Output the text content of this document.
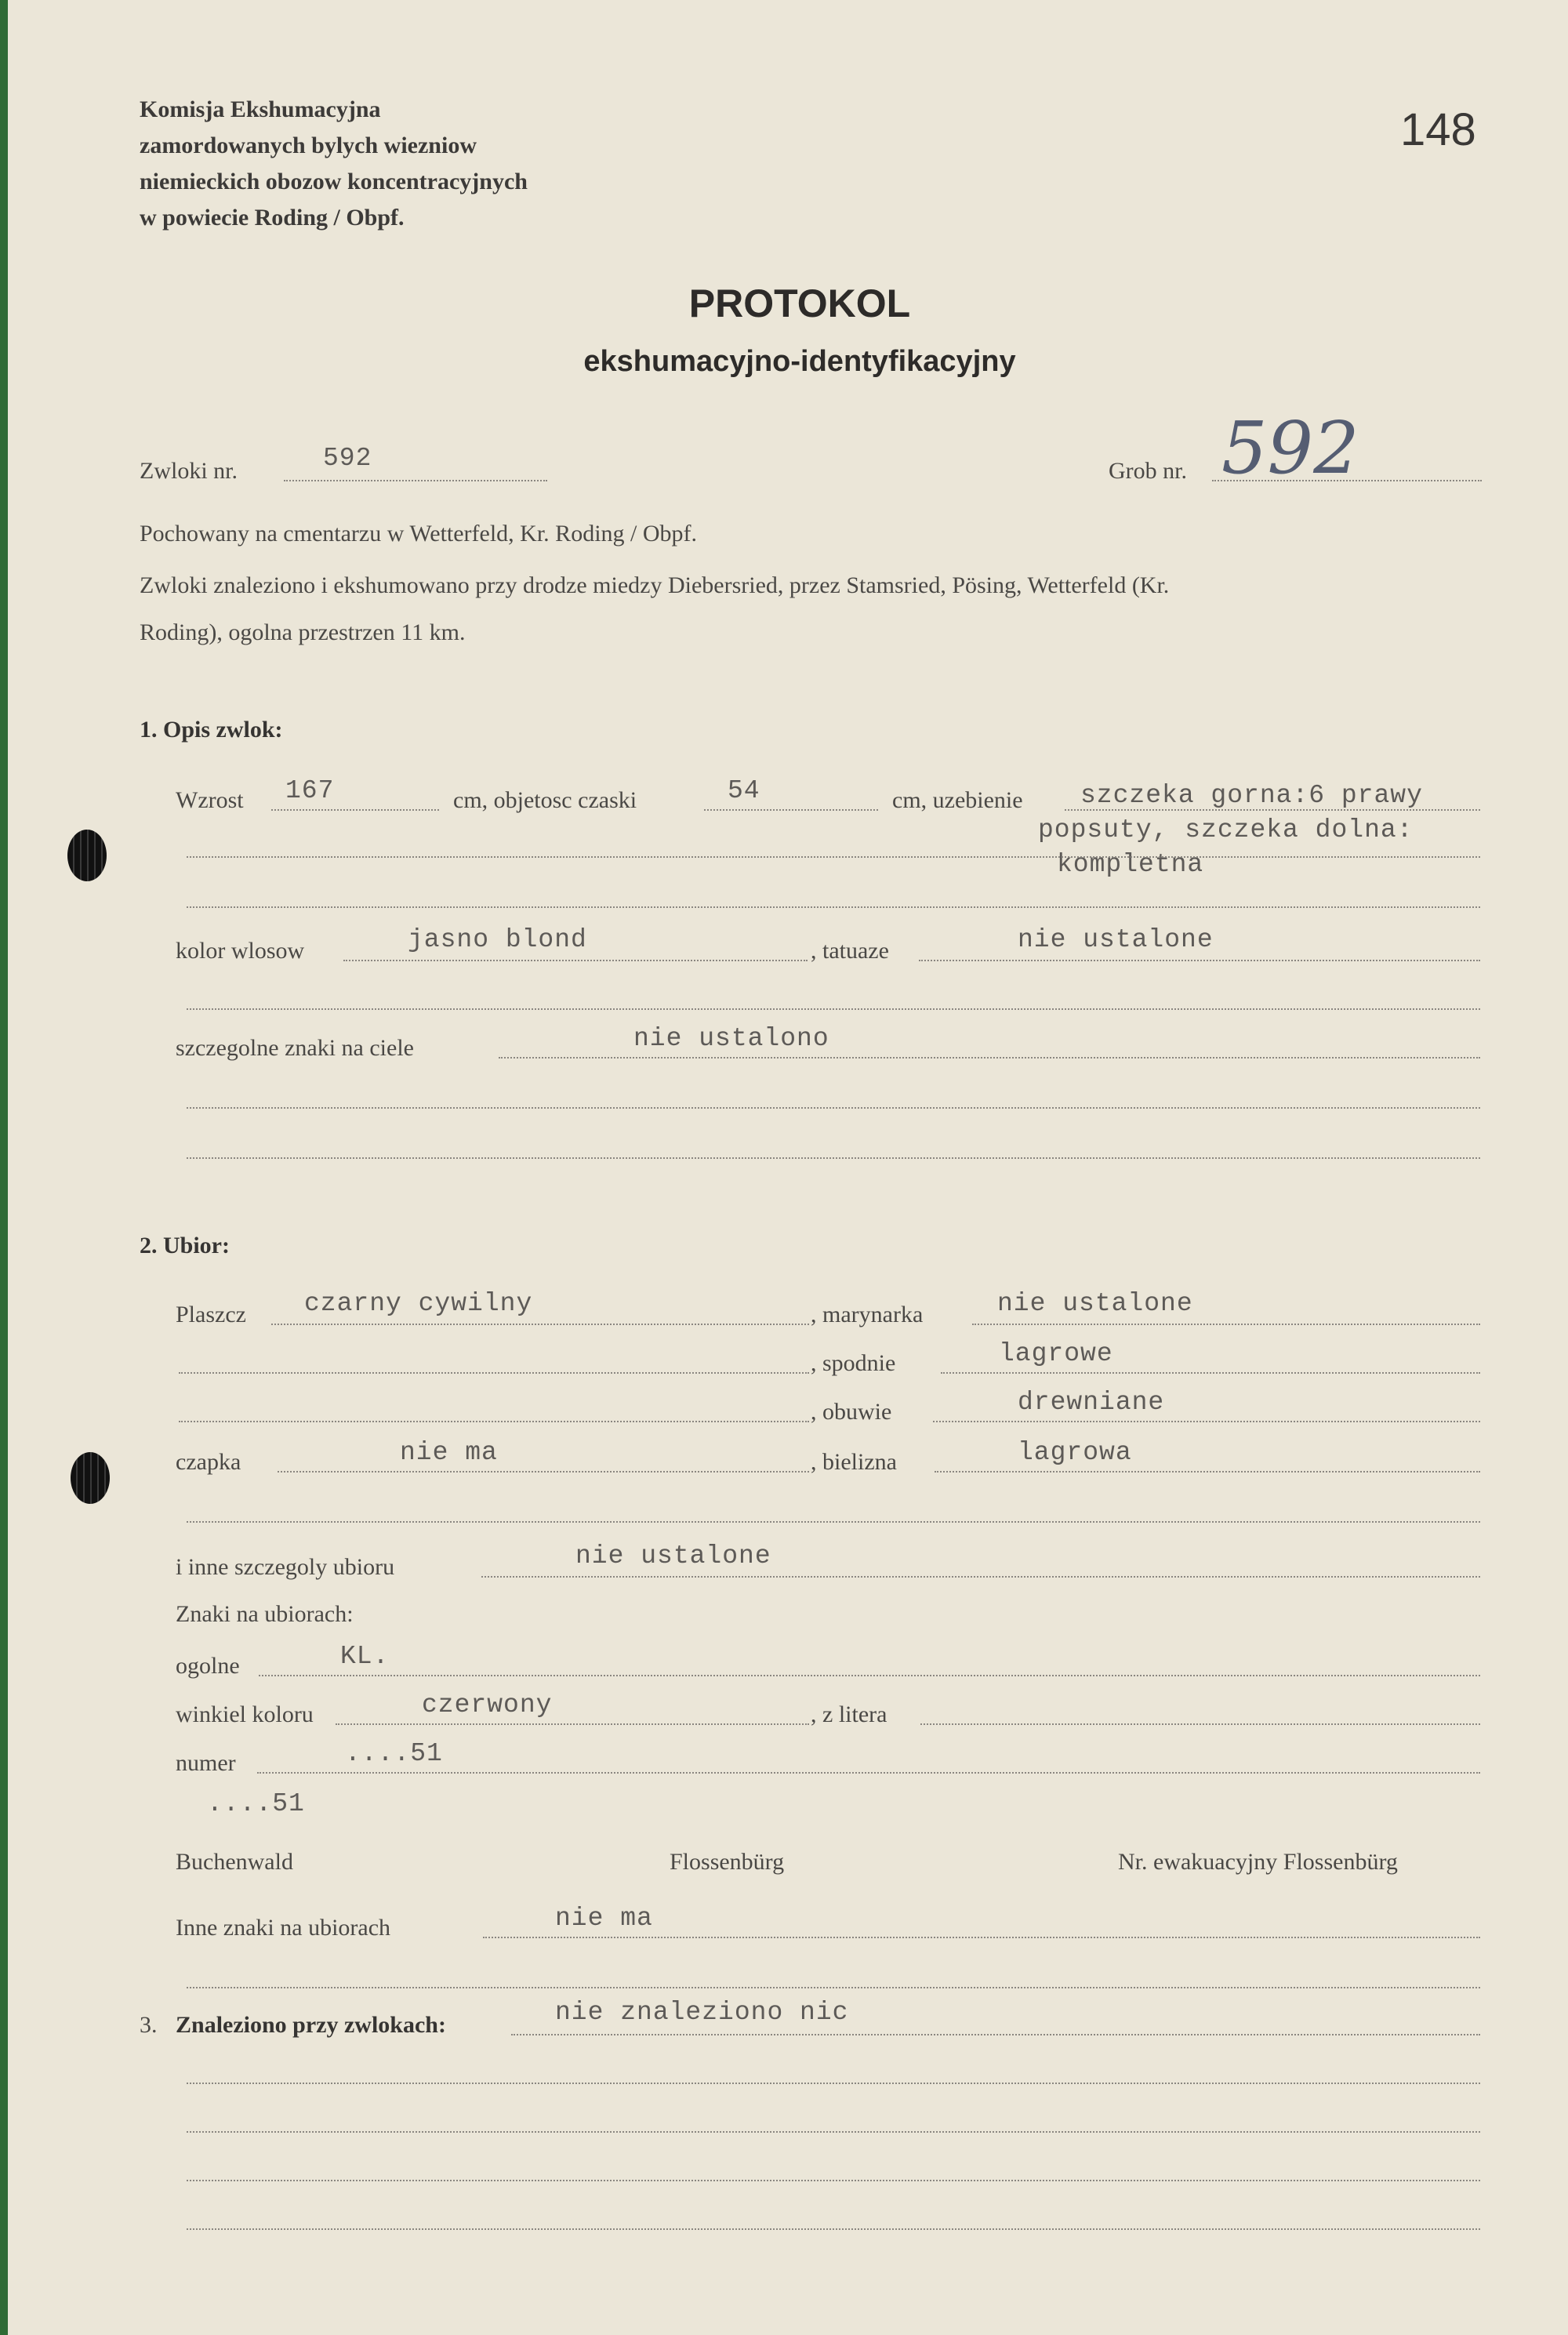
Komisja Ekshumacyjna
zamordowanych bylych wiezniow
niemieckich obozow koncentracyjnych
w powiecie Roding / Obpf.
148
PROTOKOL
ekshumacyjno-identyfikacyjny
Zwloki nr.	592	Grob nr. 592
Pochowany na cmentarzu w Wetterfeld, Kr. Roding / Obpf.
Zwloki znaleziono i ekshumowano przy drodze miedzy Diebersried, przez Stamsried, Pösing, Wetterfeld (Kr.
Roding), ogolna przestrzen 11 km.
1. Opis zwlok:
Wzrost 167	cm, objetosc czaski	54	cm, uzebienie szczeka gorna:6 prawy
popsuty, szczeka dolna:
kompletna
kolor wlosow	jasno blond	, tatuaze	nie ustalone
szczegolne znaki na ciele	nie ustalono
2. Ubior:
Plaszcz czarny cywilny	, marynarka	nie ustalone
, spodnie	lagrowe
, obuwie	drewniane
czapka	nie ma	, bielizna	lagrowa
i inne szczegoly ubioru	nie ustalone
Znaki na ubiorach:
ogolne	KL.
winkiel koloru	czerwony	, z litera
numer	....51
....51
Buchenwald	Flossenbürg	Nr. ewakuacyjny Flossenbürg
Inne znaki na ubiorach	nie ma
3. Znaleziono przy zwlokach:	nie znaleziono nic
